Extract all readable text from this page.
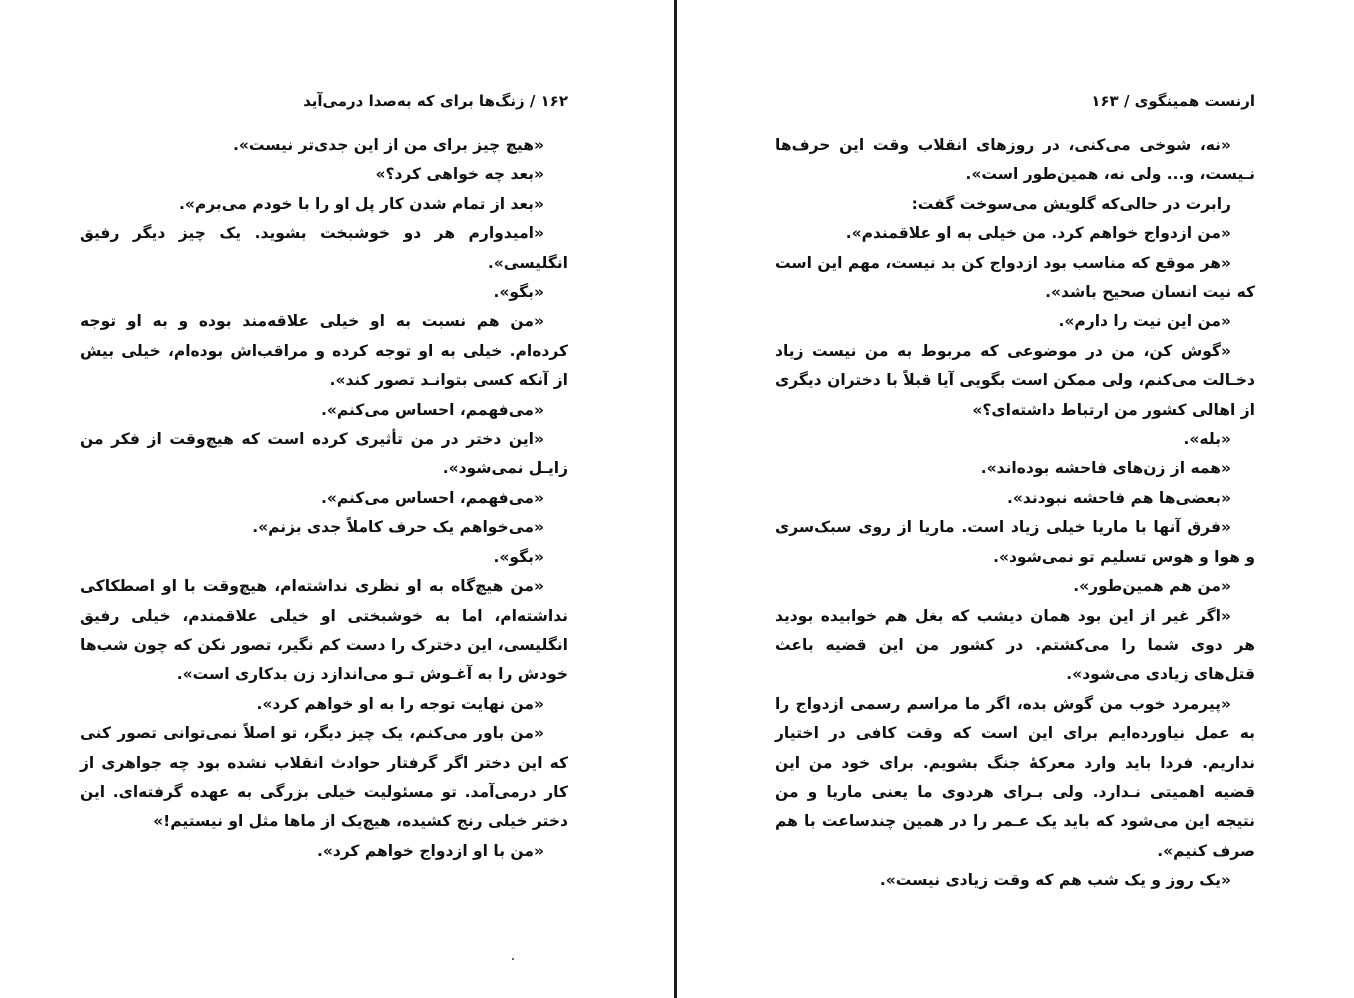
۱۶۲ / زنگ‌ها برای که به‌صدا درمی‌آید

«هیچ چیز برای من از این جدی‌تر نیست».

«بعد چه خواهی کرد؟»

«بعد از تمام شدن کار پل او را با خودم می‌برم».

«امیدوارم هر دو خوشبخت بشوید. یک چیز دیگر رفیق انگلیسی».

«بگو».

«من هم نسبت به او خیلی علاقه‌مند بوده و به او توجه کرده‌ام. خیلی به او توجه کرده و مراقب‌اش بوده‌ام، خیلی بیش از آنکه کسی بتوانـد تصور کند».

«می‌فهمم، احساس می‌کنم».

«این دختر در من تأثیری کرده است که هیچ‌وقت از فکر من زایـل نمی‌شود».

«می‌فهمم، احساس می‌کنم».

«می‌خواهم یک حرف کاملاً جدی بزنم».

«بگو».

«من هیچ‌گاه به او نظری نداشته‌ام، هیچ‌وقت با او اصطکاکی نداشته‌ام، اما به خوشبختی او خیلی علاقمندم، خیلی رفیق انگلیسی، این دخترک را دست کم نگیر، تصور نکن که چون شب‌ها خودش را به آغـوش تـو می‌اندازد زن بدکاری است».

«من نهایت توجه را به او خواهم کرد».

«من باور می‌کنم، یک چیز دیگر، تو اصلاً نمی‌توانی تصور کنی که این دختر اگر گرفتار حوادث انقلاب نشده بود چه جواهری از کار درمی‌آمد. تو مسئولیت خیلی بزرگی به عهده گرفته‌ای. این دختر خیلی رنج کشیده، هیچ‌یک از ماها مثل او نیستیم!»

«من با او ازدواج خواهم کرد».

ارنست همینگوی / ۱۶۳

«نه، شوخی می‌کنی، در روزهای انقلاب وقت این حرف‌ها نـیست، و... ولی نه، همین‌طور است».

رابرت در حالی‌که گلویش می‌سوخت گفت:

«من ازدواج خواهم کرد. من خیلی به او علاقمندم».

«هر موقع که مناسب بود ازدواج کن بد نیست، مهم این است که نیت انسان صحیح باشد».

«من این نیت را دارم».

«گوش کن، من در موضوعی که مربوط به من نیست زیاد دخـالت می‌کنم، ولی ممکن است بگویی آیا قبلاً با دختران دیگری از اهالی کشور من ارتباط داشته‌ای؟»

«بله».

«همه از زن‌های فاحشه بوده‌اند».

«بعضی‌ها هم فاحشه نبودند».

«فرق آنها با ماریا خیلی زیاد است. ماریا از روی سبک‌سری و هوا و هوس تسلیم تو نمی‌شود».

«من هم همین‌طور».

«اگر غیر از این بود همان دیشب که بغل هم خوابیده بودید هر دوی شما را می‌کشتم. در کشور من این قضیه باعث قتل‌های زیادی می‌شود».

«پیرمرد خوب من گوش بده، اگر ما مراسم رسمی ازدواج را به عمل نیاورده‌ایم برای این است که وقت کافی در اختیار نداریم. فردا باید وارد معرکهٔ جنگ بشویم. برای خود من این قضیه اهمیتی نـدارد. ولی بـرای هردوی ما یعنی ماریا و من نتیجه این می‌شود که باید یک عـمر را در همین چندساعت با هم صرف کنیم».

«یک روز و یک شب هم که وقت زیادی نیست».
